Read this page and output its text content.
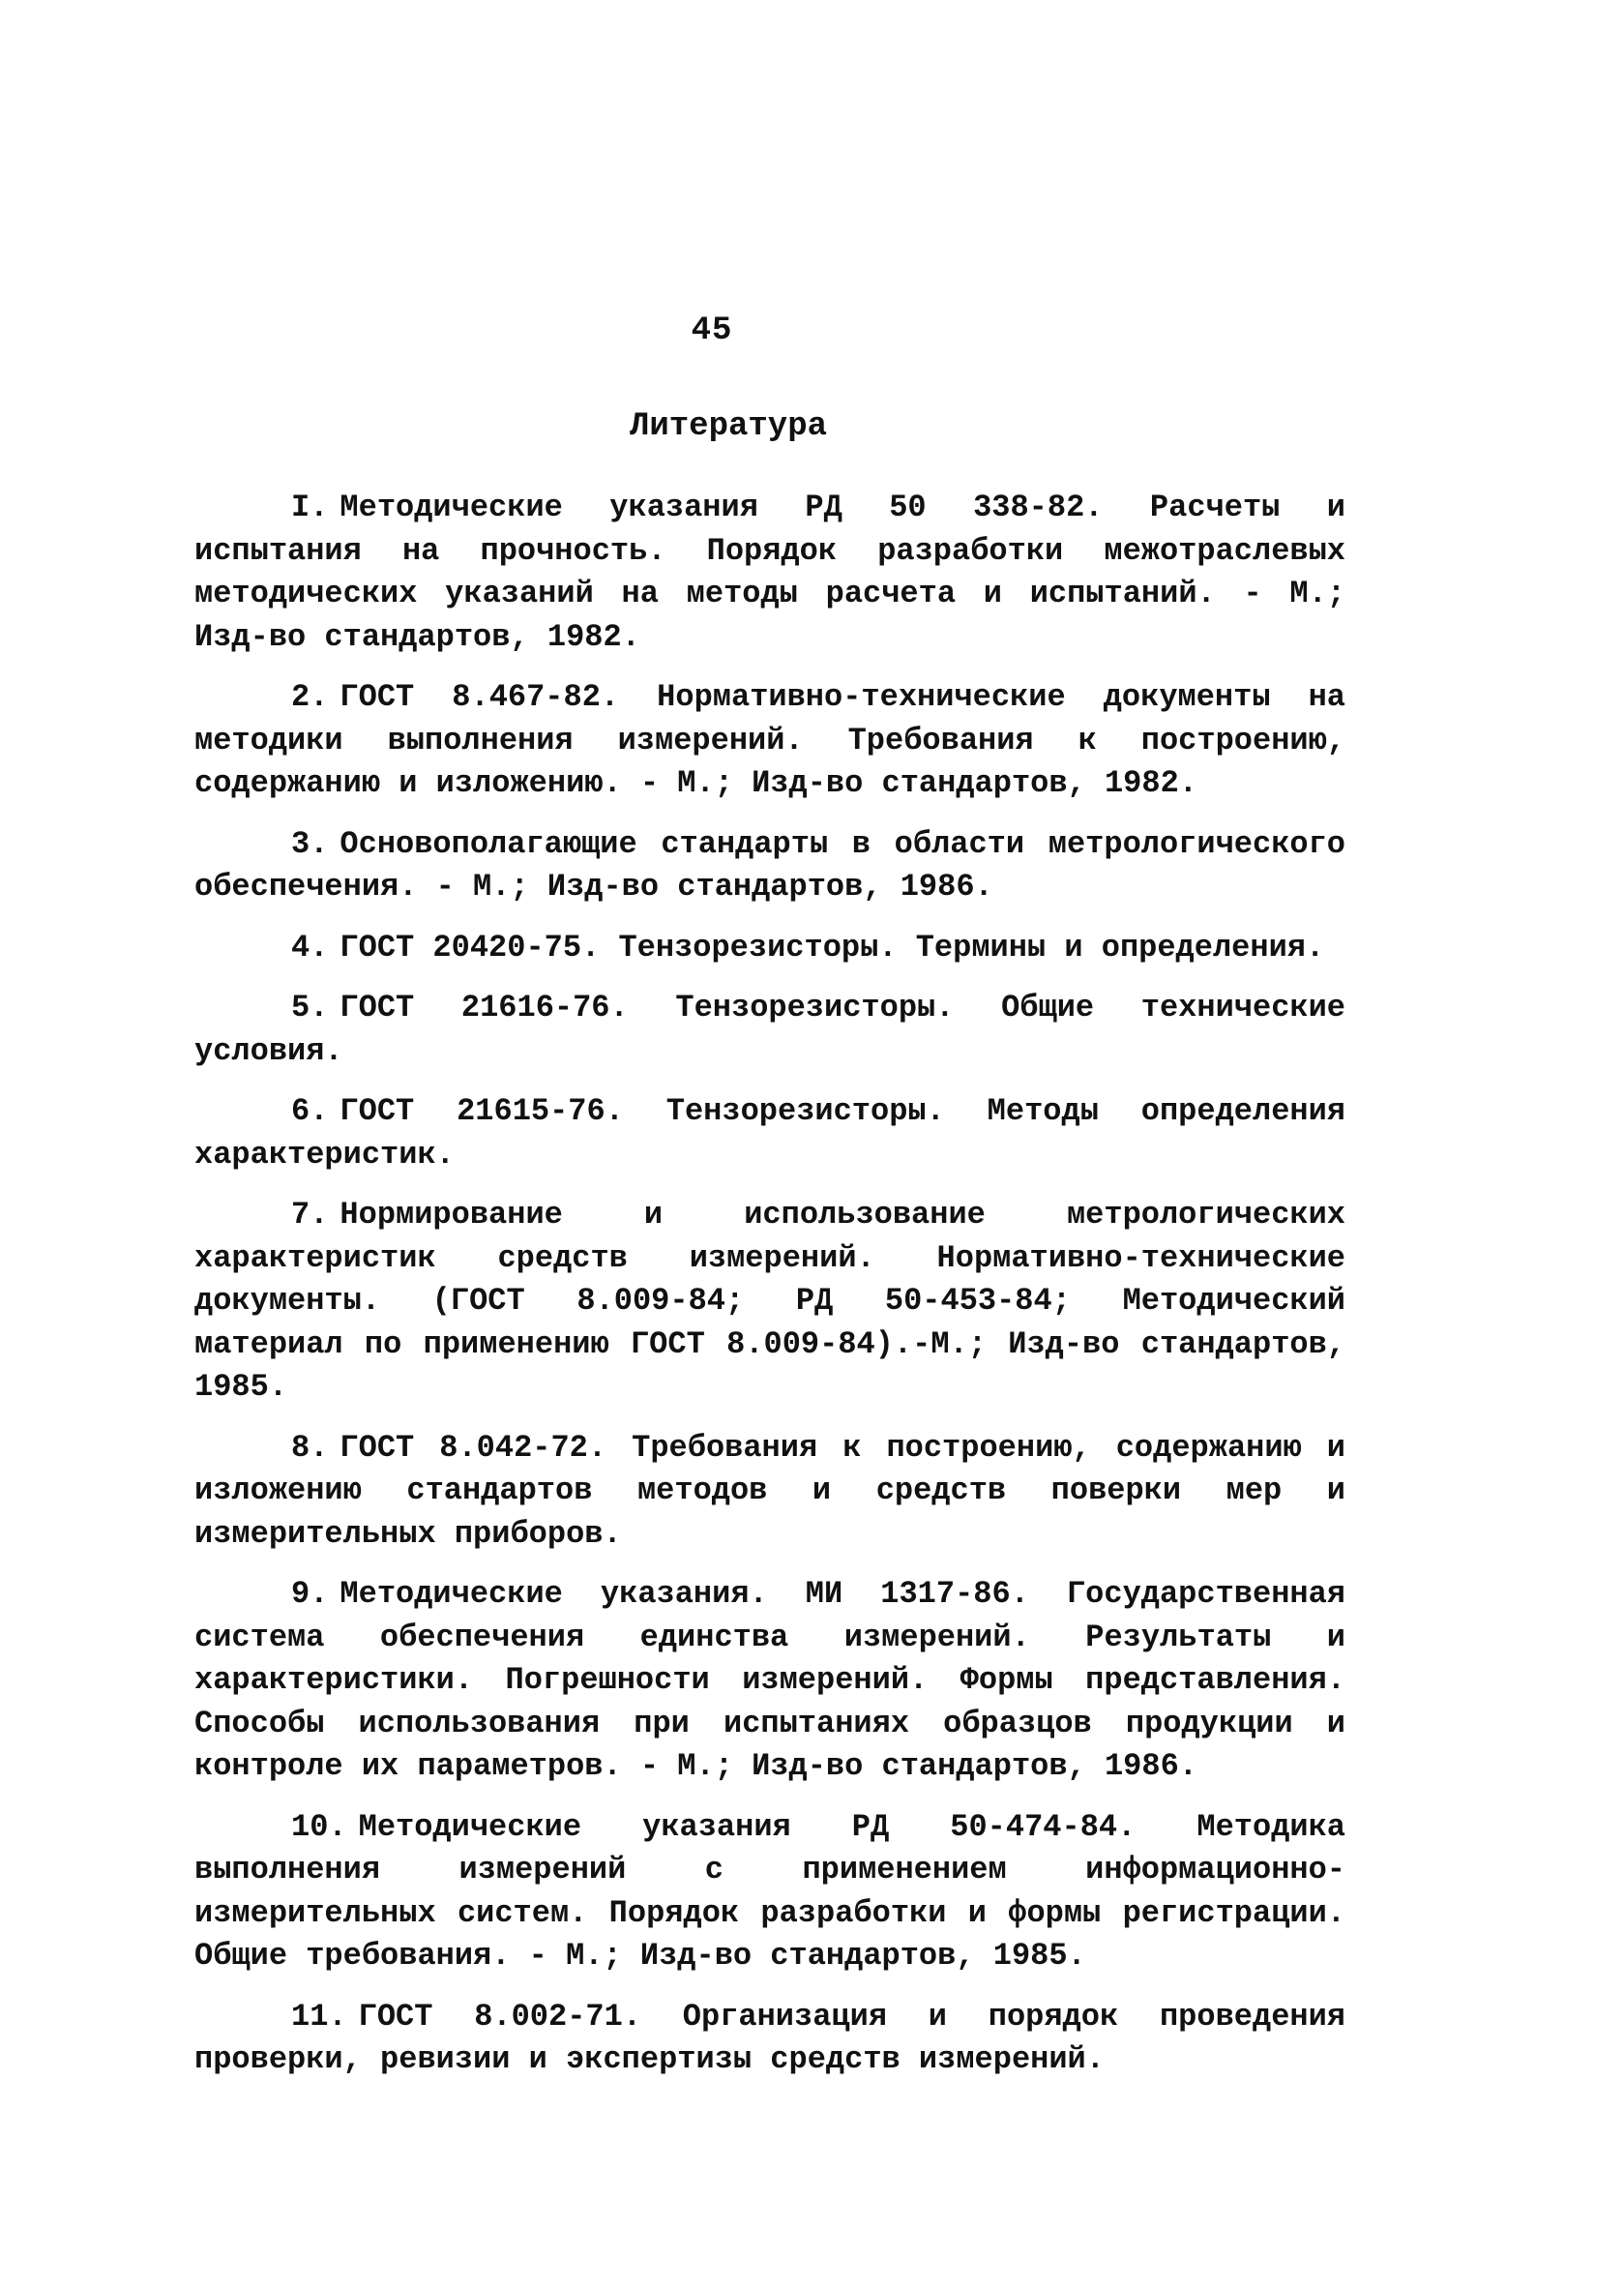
45
Литература

I. Методические указания РД 50 338-82. Расчеты и испытания на прочность. Порядок разработки межотраслевых методических указаний на методы расчета и испытаний. - М.; Изд-во стандартов, 1982.

2. ГОСТ 8.467-82. Нормативно-технические документы на методики выполнения измерений. Требования к построению, содержанию и изложению. - М.; Изд-во стандартов, 1982.

3. Основополагающие стандарты в области метрологического обеспечения. - М.; Изд-во стандартов, 1986.

4. ГОСТ 20420-75. Тензорезисторы. Термины и определения.

5. ГОСТ 21616-76. Тензорезисторы. Общие технические условия.

6. ГОСТ 21615-76. Тензорезисторы. Методы определения характеристик.

7. Нормирование и использование метрологических характеристик средств измерений. Нормативно-технические документы. (ГОСТ 8.009-84; РД 50-453-84; Методический материал по применению ГОСТ 8.009-84).-М.; Изд-во стандартов, 1985.

8. ГОСТ 8.042-72. Требования к построению, содержанию и изложению стандартов методов и средств поверки мер и измерительных приборов.

9. Методические указания. МИ 1317-86. Государственная система обеспечения единства измерений. Результаты и характеристики. Погрешности измерений. Формы представления. Способы использования при испытаниях образцов продукции и контроле их параметров. - М.; Изд-во стандартов, 1986.

10. Методические указания РД 50-474-84. Методика выполнения измерений с применением информационно-измерительных систем. Порядок разработки и формы регистрации. Общие требования. - М.; Изд-во стандартов, 1985.

11. ГОСТ 8.002-71. Организация и порядок проведения проверки, ревизии и экспертизы средств измерений.
